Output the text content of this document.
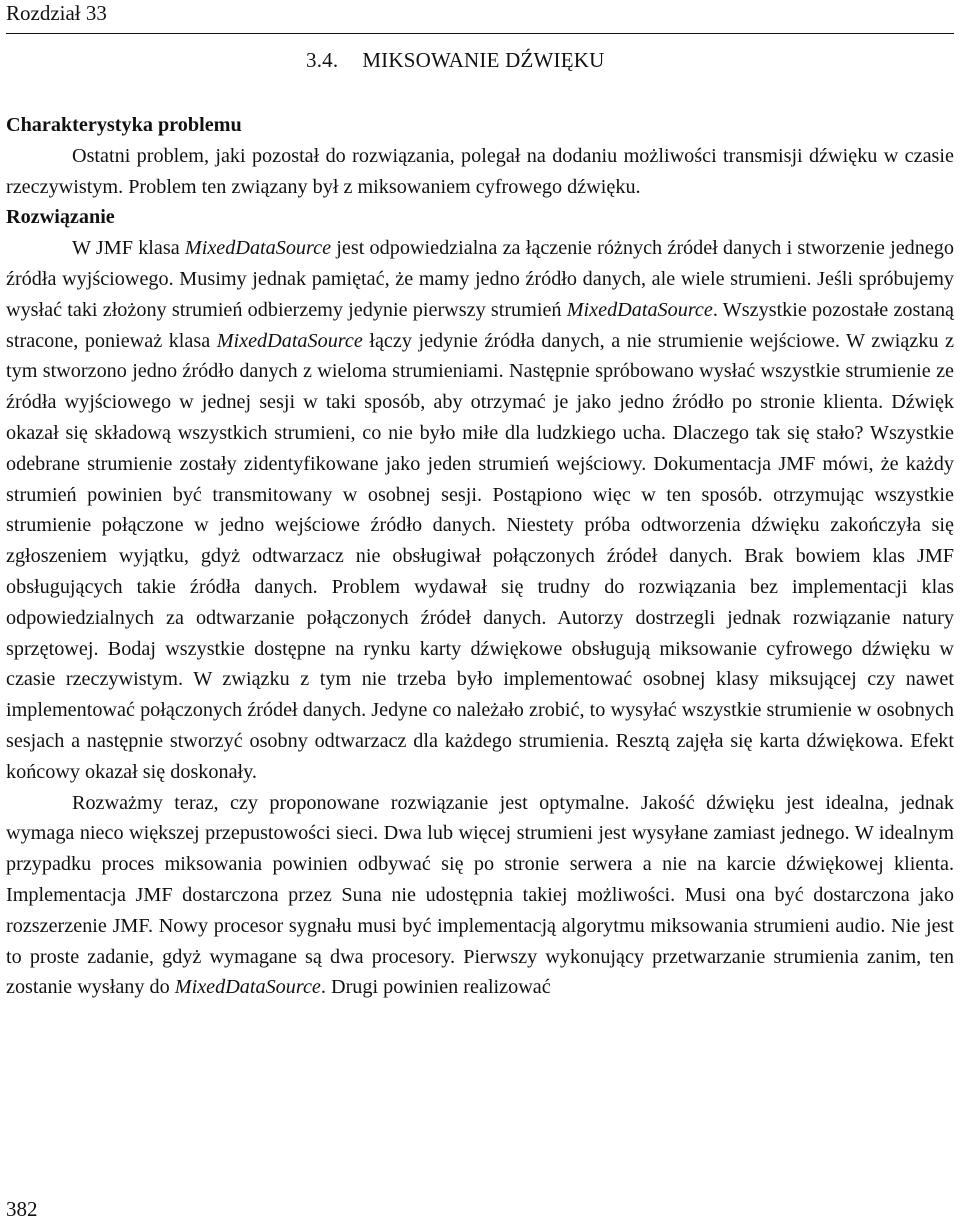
Rozdział 33
3.4. MIKSOWANIE DŹWIĘKU

Charakterystyka problemu

Ostatni problem, jaki pozostał do rozwiązania, polegał na dodaniu możliwości transmisji dźwięku w czasie rzeczywistym. Problem ten związany był z miksowaniem cyfrowego dźwięku.

Rozwiązanie

W JMF klasa MixedDataSource jest odpowiedzialna za łączenie różnych źródeł danych i stworzenie jednego źródła wyjściowego. Musimy jednak pamiętać, że mamy jedno źródło danych, ale wiele strumieni. Jeśli spróbujemy wysłać taki złożony strumień odbierzemy jedynie pierwszy strumień MixedDataSource. Wszystkie pozostałe zostaną stracone, ponieważ klasa MixedDataSource łączy jedynie źródła danych, a nie strumienie wejściowe. W związku z tym stworzono jedno źródło danych z wieloma strumieniami. Następnie spróbowano wysłać wszystkie strumienie ze źródła wyjściowego w jednej sesji w taki sposób, aby otrzymać je jako jedno źródło po stronie klienta. Dźwięk okazał się składową wszystkich strumieni, co nie było miłe dla ludzkiego ucha. Dlaczego tak się stało? Wszystkie odebrane strumienie zostały zidentyfikowane jako jeden strumień wejściowy. Dokumentacja JMF mówi, że każdy strumień powinien być transmitowany w osobnej sesji. Postąpiono więc w ten sposób. otrzymując wszystkie strumienie połączone w jedno wejściowe źródło danych. Niestety próba odtworzenia dźwięku zakończyła się zgłoszeniem wyjątku, gdyż odtwarzacz nie obsługiwał połączonych źródeł danych. Brak bowiem klas JMF obsługujących takie źródła danych. Problem wydawał się trudny do rozwiązania bez implementacji klas odpowiedzialnych za odtwarzanie połączonych źródeł danych. Autorzy dostrzegli jednak rozwiązanie natury sprzętowej. Bodaj wszystkie dostępne na rynku karty dźwiękowe obsługują miksowanie cyfrowego dźwięku w czasie rzeczywistym. W związku z tym nie trzeba było implementować osobnej klasy miksującej czy nawet implementować połączonych źródeł danych. Jedyne co należało zrobić, to wysyłać wszystkie strumienie w osobnych sesjach a następnie stworzyć osobny odtwarzacz dla każdego strumienia. Resztą zajęła się karta dźwiękowa. Efekt końcowy okazał się doskonały.

Rozważmy teraz, czy proponowane rozwiązanie jest optymalne. Jakość dźwięku jest idealna, jednak wymaga nieco większej przepustowości sieci. Dwa lub więcej strumieni jest wysyłane zamiast jednego. W idealnym przypadku proces miksowania powinien odbywać się po stronie serwera a nie na karcie dźwiękowej klienta. Implementacja JMF dostarczona przez Suna nie udostępnia takiej możliwości. Musi ona być dostarczona jako rozszerzenie JMF. Nowy procesor sygnału musi być implementacją algorytmu miksowania strumieni audio. Nie jest to proste zadanie, gdyż wymagane są dwa procesory. Pierwszy wykonujący przetwarzanie strumienia zanim, ten zostanie wysłany do MixedDataSource. Drugi powinien realizować

382
